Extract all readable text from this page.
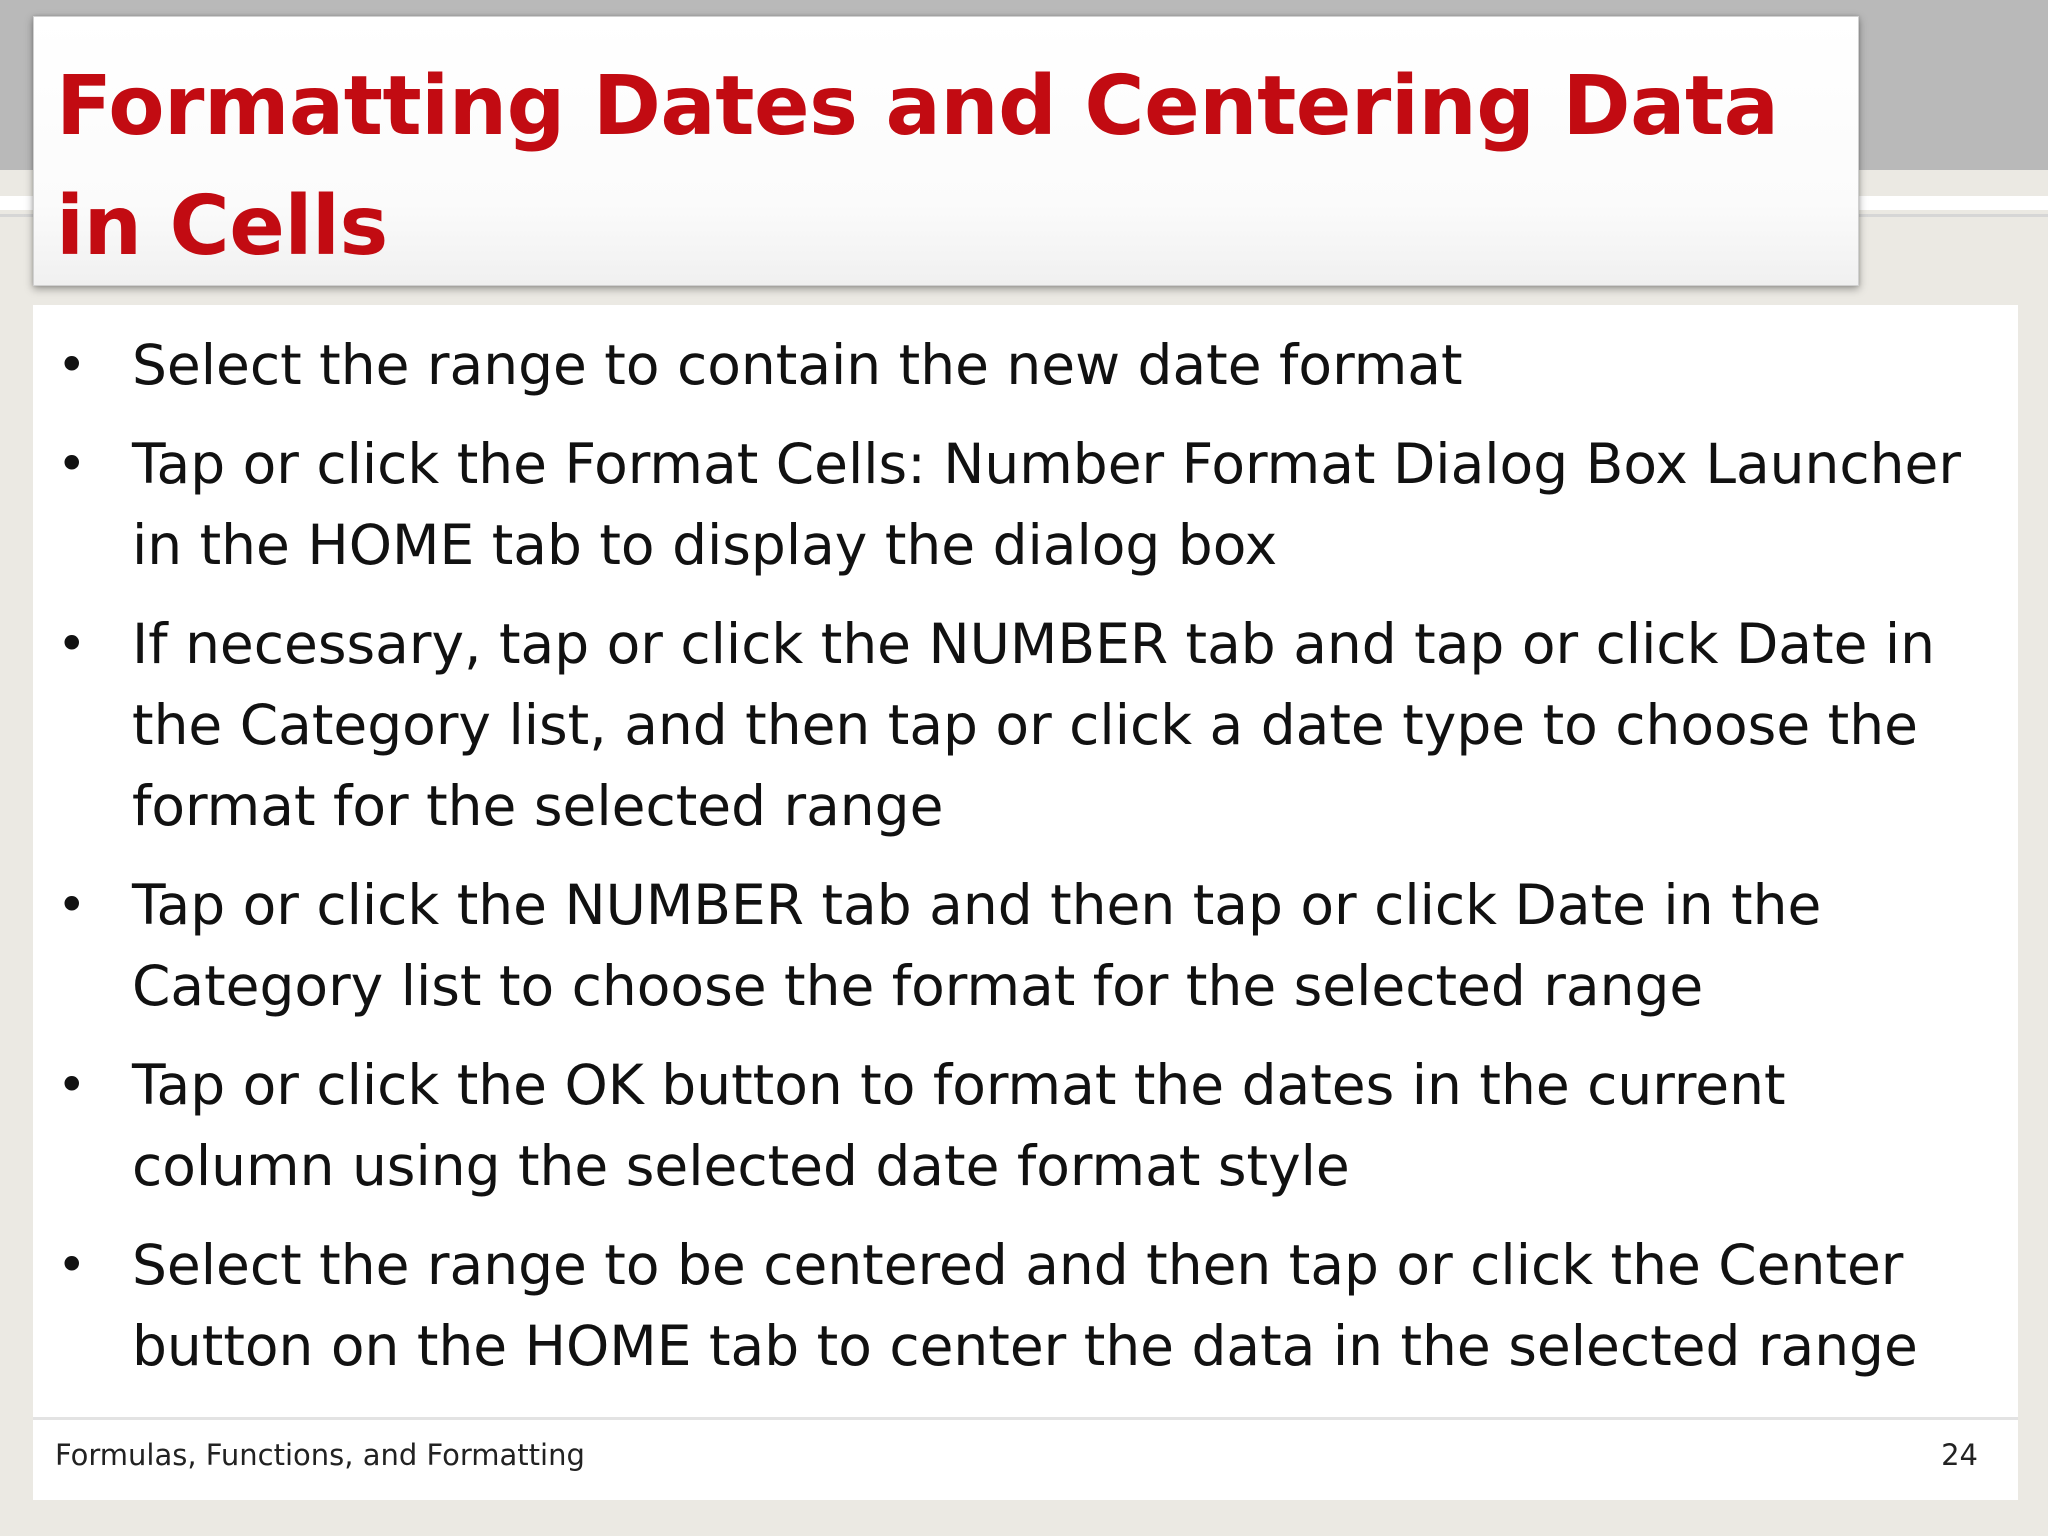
Formatting Dates and Centering Data in Cells
• Select the range to contain the new date format
• Tap or click the Format Cells: Number Format Dialog Box Launcher in the HOME tab to display the dialog box
• If necessary, tap or click the NUMBER tab and tap or click Date in the Category list, and then tap or click a date type to choose the format for the selected range
• Tap or click the NUMBER tab and then tap or click Date in the Category list to choose the format for the selected range
• Tap or click the OK button to format the dates in the current column using the selected date format style
• Select the range to be centered and then tap or click the Center button on the HOME tab to center the data in the selected range
Formulas, Functions, and Formatting	24
